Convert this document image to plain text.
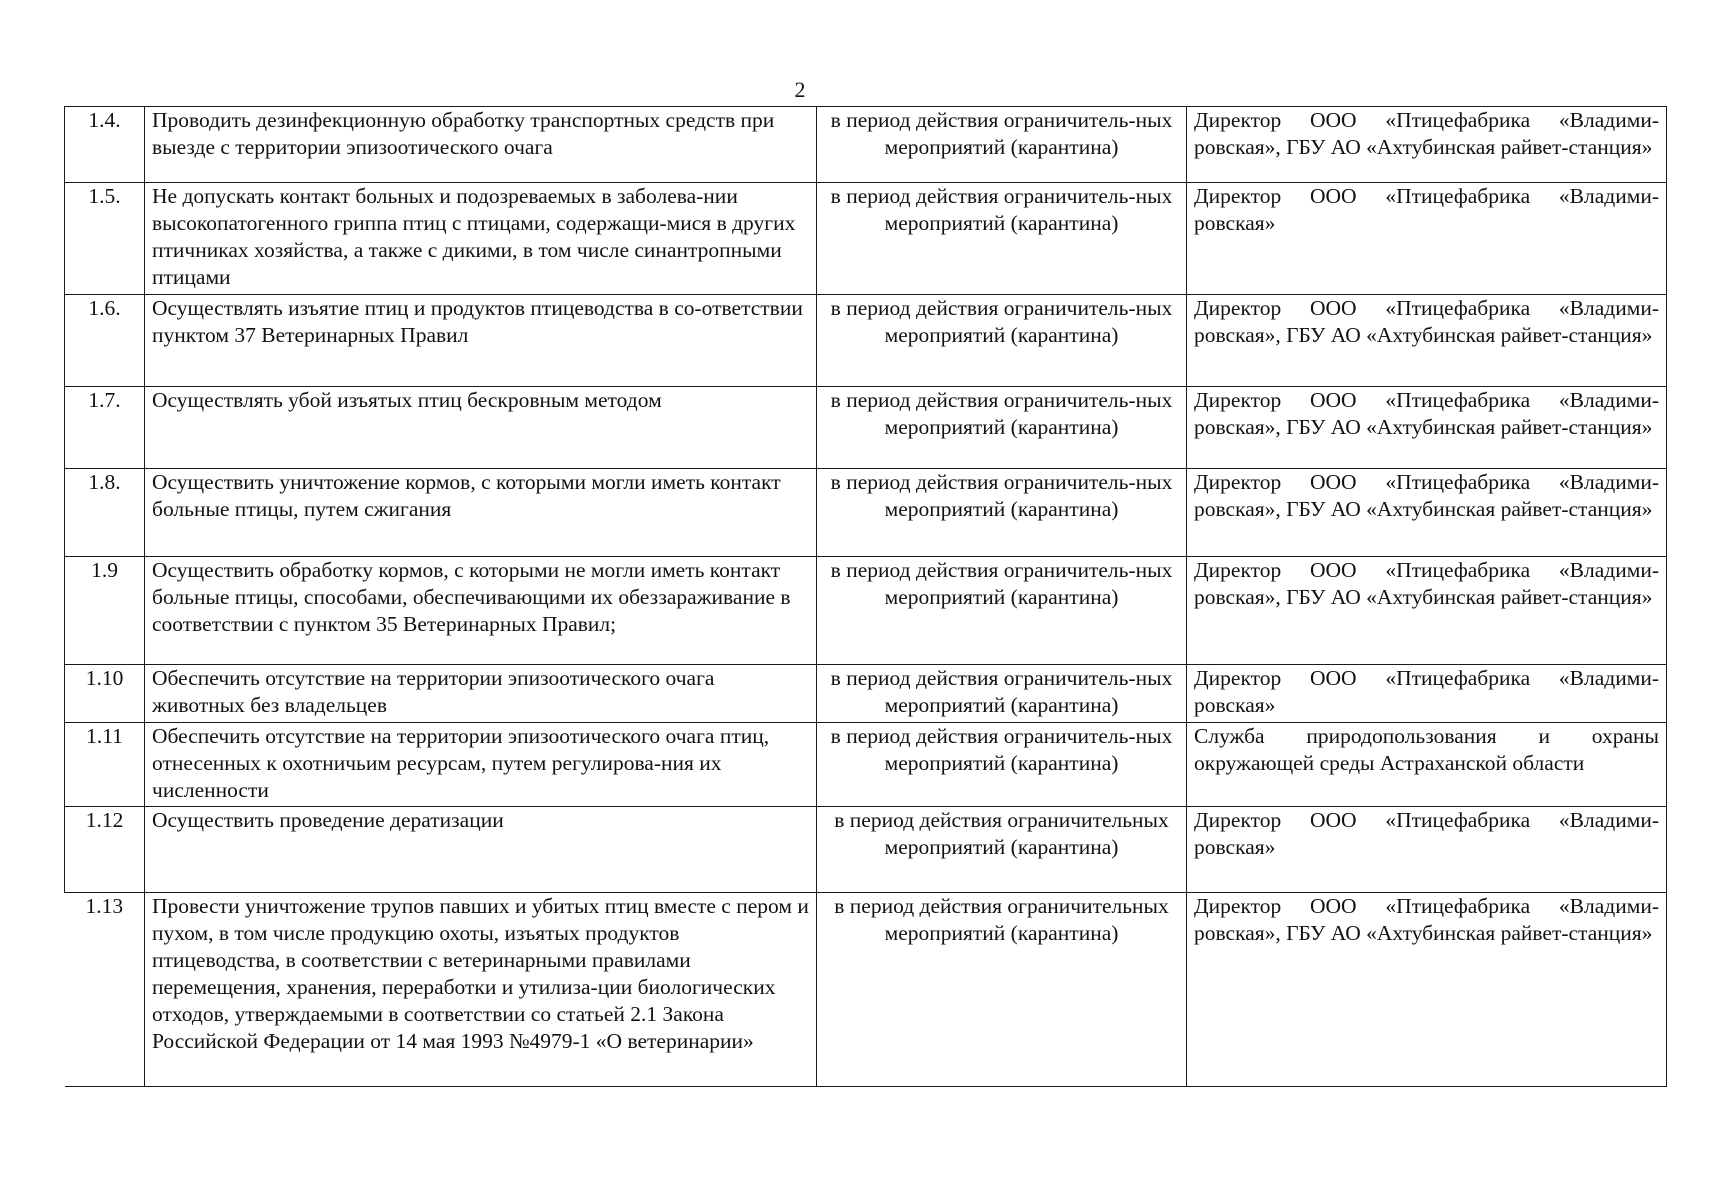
2
1.4.	Проводить дезинфекционную обработку транспортных средств при выезде с территории эпизоотического очага	в период действия ограничитель-ных мероприятий (карантина)	Директор ООО «Птицефабрика «Владими-ровская», ГБУ АО «Ахтубинская райвет-станция»
1.5.	Не допускать контакт больных и подозреваемых в заболева-нии высокопатогенного гриппа птиц с птицами, содержащи-мися в других птичниках хозяйства, а также с дикими, в том числе синантропными птицами	в период действия ограничитель-ных мероприятий (карантина)	Директор ООО «Птицефабрика «Владими-ровская»
1.6.	Осуществлять изъятие птиц и продуктов птицеводства в со-ответствии пунктом 37 Ветеринарных Правил	в период действия ограничитель-ных мероприятий (карантина)	Директор ООО «Птицефабрика «Владими-ровская», ГБУ АО «Ахтубинская райвет-станция»
1.7.	Осуществлять убой изъятых птиц бескровным методом	в период действия ограничитель-ных мероприятий (карантина)	Директор ООО «Птицефабрика «Владими-ровская», ГБУ АО «Ахтубинская райвет-станция»
1.8.	Осуществить уничтожение кормов, с которыми могли иметь контакт больные птицы, путем сжигания	в период действия ограничитель-ных мероприятий (карантина)	Директор ООО «Птицефабрика «Владими-ровская», ГБУ АО «Ахтубинская райвет-станция»
1.9	Осуществить обработку кормов, с которыми не могли иметь контакт больные птицы, способами, обеспечивающими их обеззараживание в соответствии с пунктом 35 Ветеринарных Правил;	в период действия ограничитель-ных мероприятий (карантина)	Директор ООО «Птицефабрика «Владими-ровская», ГБУ АО «Ахтубинская райвет-станция»
1.10	Обеспечить отсутствие на территории эпизоотического очага животных без владельцев	в период действия ограничитель-ных мероприятий (карантина)	Директор ООО «Птицефабрика «Владими-ровская»
1.11	Обеспечить отсутствие на территории эпизоотического очага птиц, отнесенных к охотничьим ресурсам, путем регулирова-ния их численности	в период действия ограничитель-ных мероприятий (карантина)	Служба природопользования и охраны окружающей среды Астраханской области
1.12	Осуществить проведение дератизации	в период действия ограничительных мероприятий (карантина)	Директор ООО «Птицефабрика «Владими-ровская»
1.13	Провести уничтожение трупов павших и убитых птиц вместе с пером и пухом, в том числе продукцию охоты, изъятых продуктов птицеводства, в соответствии с ветеринарными правилами перемещения, хранения, переработки и утилиза-ции биологических отходов, утверждаемыми в соответствии со статьей 2.1 Закона Российской Федерации от 14 мая 1993 №4979-1 «О ветеринарии»	в период действия ограничительных мероприятий (карантина)	Директор ООО «Птицефабрика «Владими-ровская», ГБУ АО «Ахтубинская райвет-станция»
